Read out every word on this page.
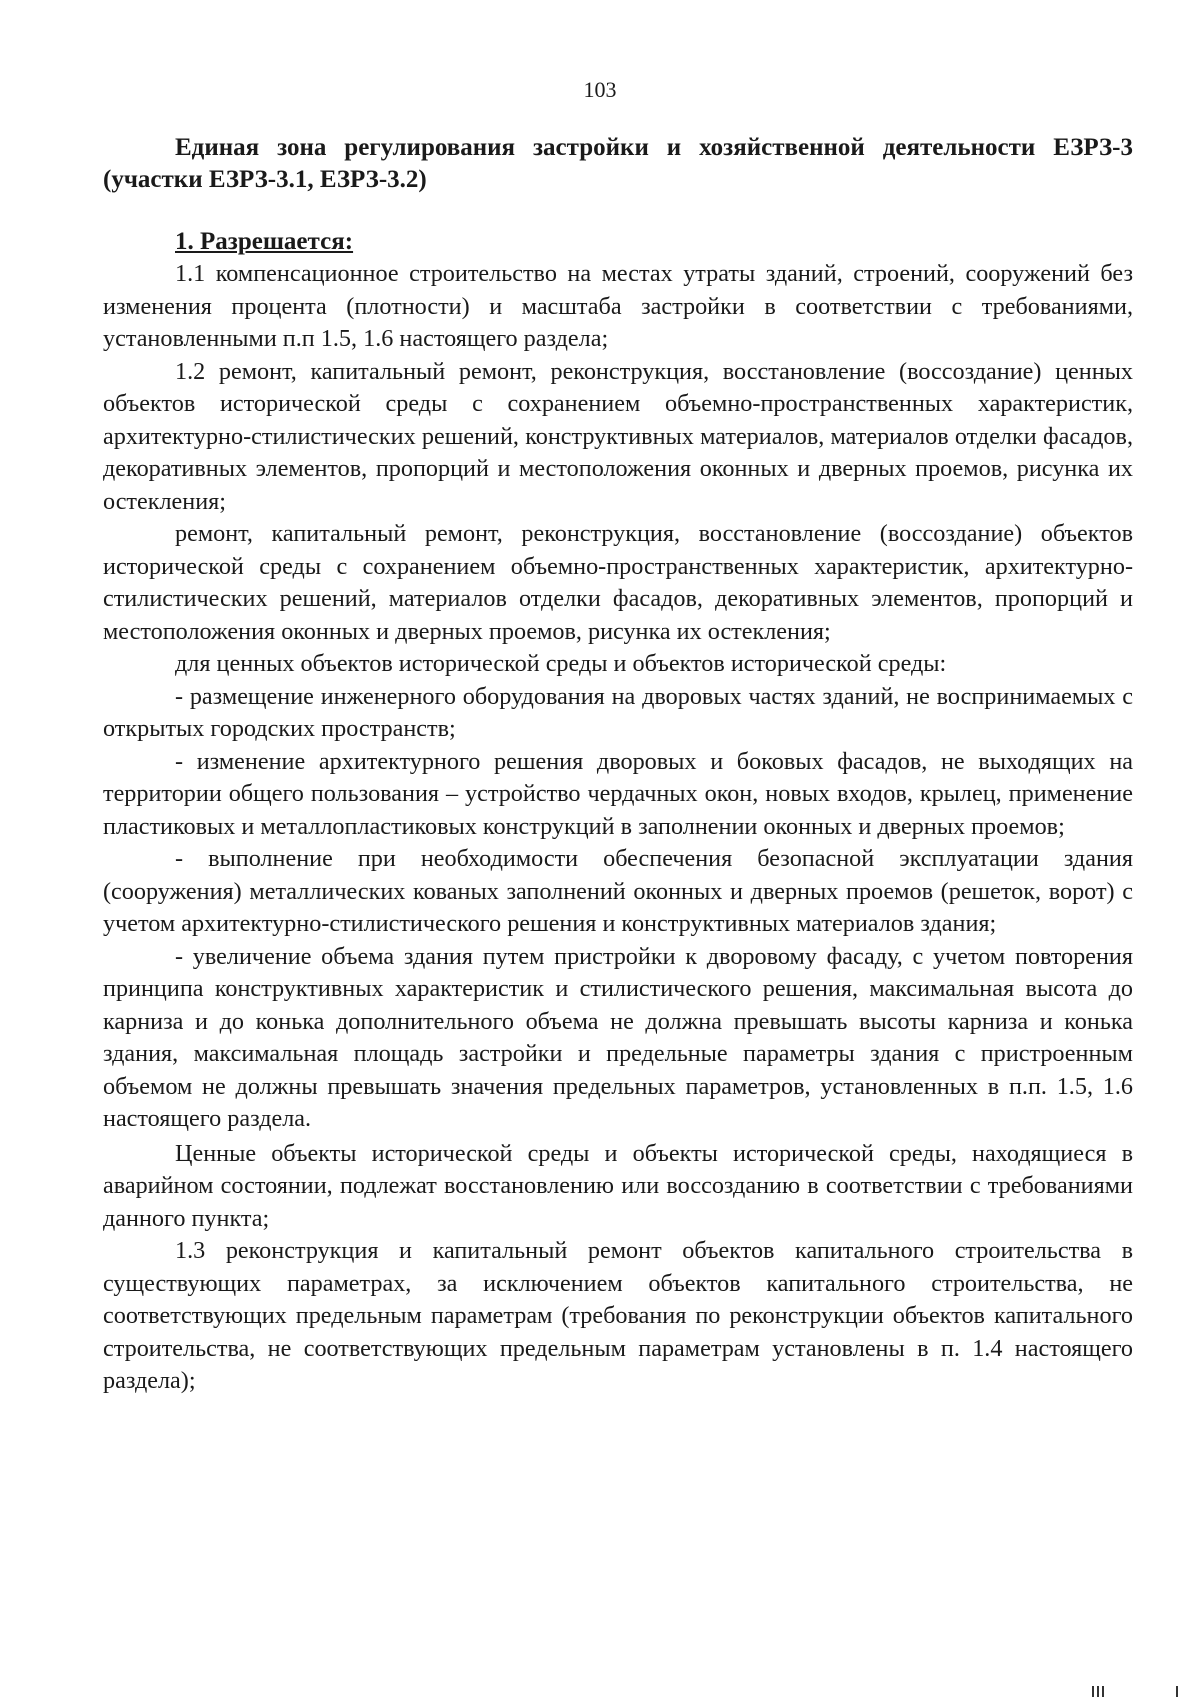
103

Единая зона регулирования застройки и хозяйственной деятельности ЕЗРЗ-3 (участки ЕЗРЗ-3.1, ЕЗРЗ-3.2)

1. Разрешается:

1.1 компенсационное строительство на местах утраты зданий, строений, сооружений без изменения процента (плотности) и масштаба застройки в соответствии с требованиями, установленными п.п 1.5, 1.6 настоящего раздела;

1.2 ремонт, капитальный ремонт, реконструкция, восстановление (воссоздание) ценных объектов исторической среды с сохранением объемно-пространственных характеристик, архитектурно-стилистических решений, конструктивных материалов, материалов отделки фасадов, декоративных элементов, пропорций и местоположения оконных и дверных проемов, рисунка их остекления;

ремонт, капитальный ремонт, реконструкция, восстановление (воссоздание) объектов исторической среды с сохранением объемно-пространственных характеристик, архитектурно-стилистических решений, материалов отделки фасадов, декоративных элементов, пропорций и местоположения оконных и дверных проемов, рисунка их остекления;

для ценных объектов исторической среды и объектов исторической среды:

- размещение инженерного оборудования на дворовых частях зданий, не воспринимаемых с открытых городских пространств;

- изменение архитектурного решения дворовых и боковых фасадов, не выходящих на территории общего пользования – устройство чердачных окон, новых входов, крылец, применение пластиковых и металлопластиковых конструкций в заполнении оконных и дверных проемов;

- выполнение при необходимости обеспечения безопасной эксплуатации здания (сооружения) металлических кованых заполнений оконных и дверных проемов (решеток, ворот) с учетом архитектурно-стилистического решения и конструктивных материалов здания;

- увеличение объема здания путем пристройки к дворовому фасаду, с учетом повторения принципа конструктивных характеристик и стилистического решения, максимальная высота до карниза и до конька дополнительного объема не должна превышать высоты карниза и конька здания, максимальная площадь застройки и предельные параметры здания с пристроенным объемом не должны превышать значения предельных параметров, установленных в п.п. 1.5, 1.6 настоящего раздела.

Ценные объекты исторической среды и объекты исторической среды, находящиеся в аварийном состоянии, подлежат восстановлению или воссозданию в соответствии с требованиями данного пункта;

1.3 реконструкция и капитальный ремонт объектов капитального строительства в существующих параметрах, за исключением объектов капитального строительства, не соответствующих предельным параметрам (требования по реконструкции объектов капитального строительства, не соответствующих предельным параметрам установлены в п. 1.4 настоящего раздела);
